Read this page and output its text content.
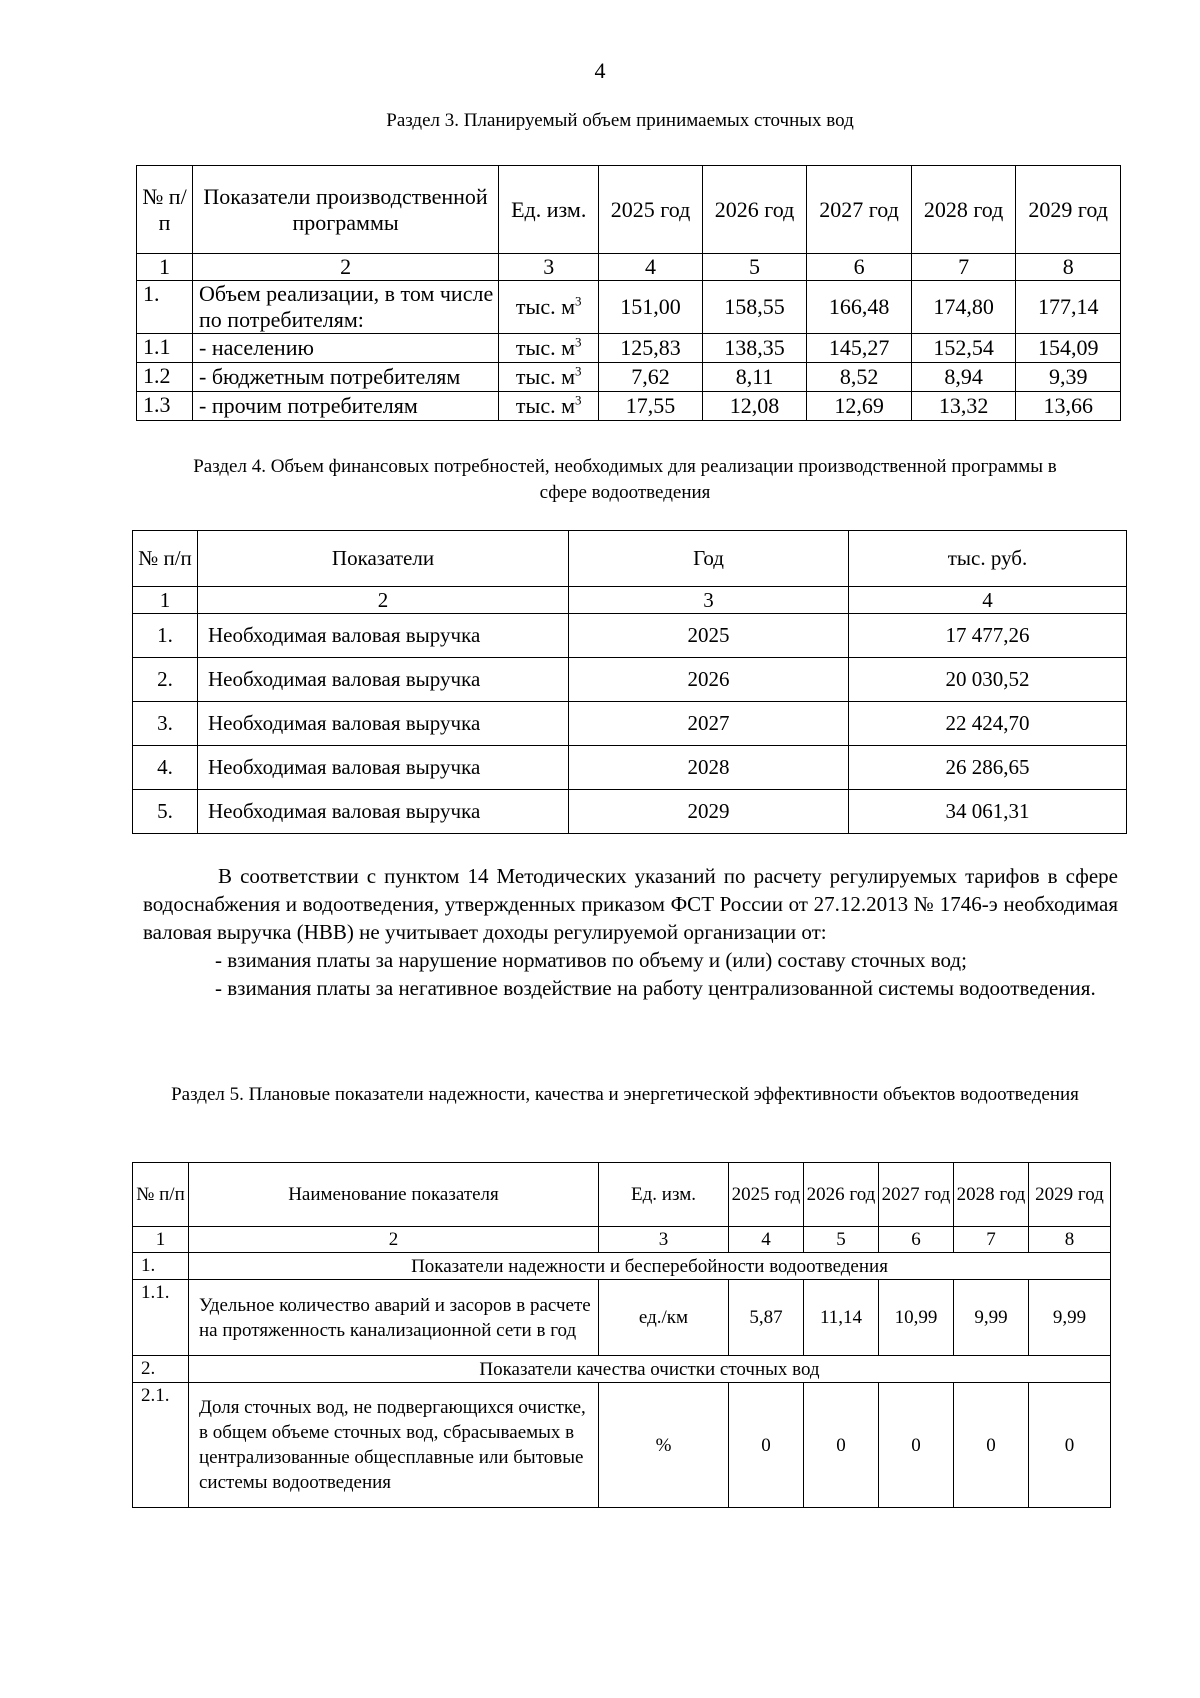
4
Раздел 3. Планируемый объем принимаемых сточных вод
№ п/п	Показатели производственной программы	Ед. изм.	2025 год	2026 год	2027 год	2028 год	2029 год
1	2	3	4	5	6	7	8
1.	Объем реализации, в том числе по потребителям:	тыс. $м^3$	151,00	158,55	166,48	174,80	177,14
1.1	- населению	тыс. $м^3$	125,83	138,35	145,27	152,54	154,09
1.2	- бюджетным потребителям	тыс. $м^3$	7,62	8,11	8,52	8,94	9,39
1.3	- прочим потребителям	тыс. $м^3$	17,55	12,08	12,69	13,32	13,66
Раздел 4. Объем финансовых потребностей, необходимых для реализации производственной программы в сфере водоотведения
№ п/п	Показатели	Год	тыс. руб.
1	2	3	4
1.	Необходимая валовая выручка	2025	17 477,26
2.	Необходимая валовая выручка	2026	20 030,52
3.	Необходимая валовая выручка	2027	22 424,70
4.	Необходимая валовая выручка	2028	26 286,65
5.	Необходимая валовая выручка	2029	34 061,31

В соответствии с пунктом 14 Методических указаний по расчету регулируемых тарифов в сфере водоснабжения и водоотведения, утвержденных приказом ФСТ России от 27.12.2013 № 1746-э необходимая валовая выручка (НВВ) не учитывает доходы регулируемой организации от:

- взимания платы за нарушение нормативов по объему и (или) составу сточных вод;

- взимания платы за негативное воздействие на работу централизованной системы водоотведения.

Раздел 5. Плановые показатели надежности, качества и энергетической эффективности объектов водоотведения
№ п/п	Наименование показателя	Ед. изм.	2025 год	2026 год	2027 год	2028 год	2029 год
1	2	3	4	5	6	7	8
1.	Показатели надежности и бесперебойности водоотведения						
1.1.	Удельное количество аварий и засоров в расчете на протяженность канализационной сети в год	ед./км	5,87	11,14	10,99	9,99	9,99
2.	Показатели качества очистки сточных вод						
2.1.	Доля сточных вод, не подвергающихся очистке, в общем объеме сточных вод, сбрасываемых в централизованные общесплавные или бытовые системы водоотведения	%	0	0	0	0	0
